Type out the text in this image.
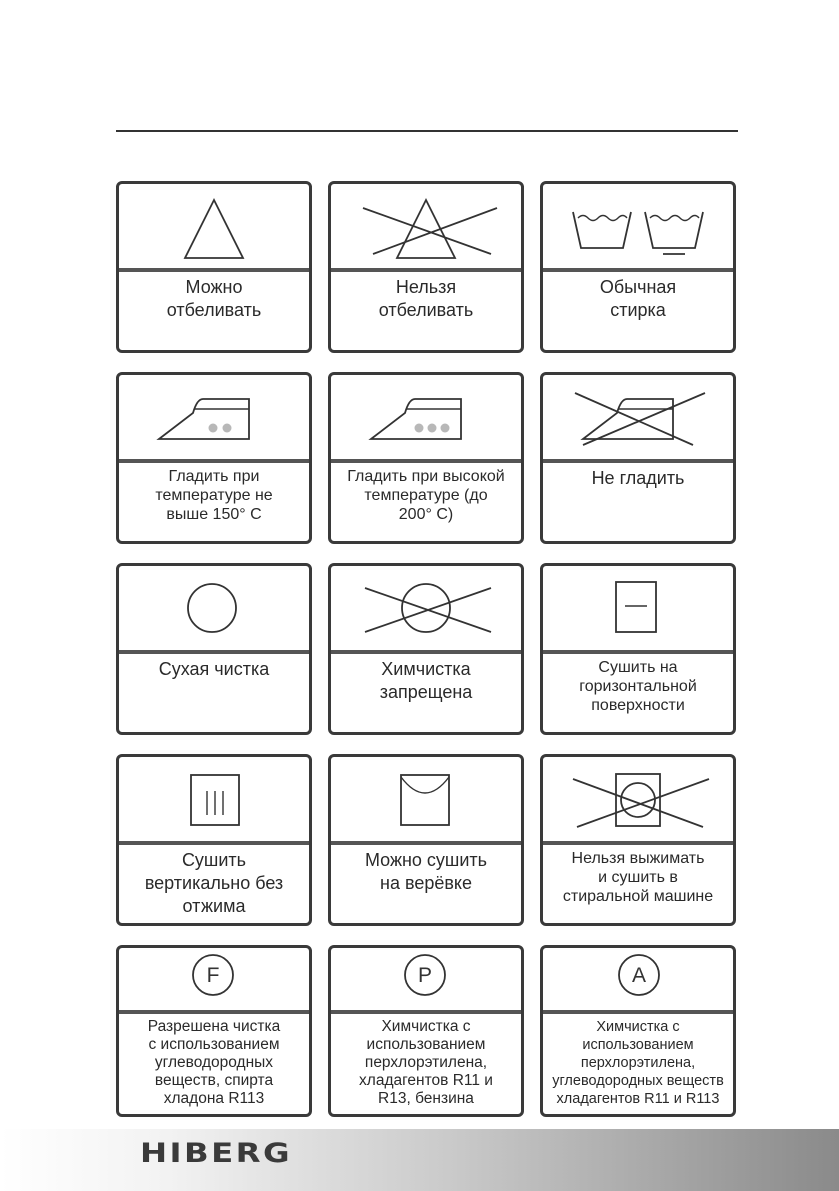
Можно
отбеливать
Нельзя
отбеливать
Обычная
стирка
Гладить при
температуре не
выше 150° С
Гладить при высокой
температуре (до
200° С)
Не гладить
Сухая чистка	Химчистка
запрещена
Сушить на
горизонтальной
поверхности
Сушить
вертикально без
отжима
Можно сушить
на верёвке
Нельзя выжимать
и сушить в
стиральной машине
F
Разрешена чистка
с использованием
углеводородных
веществ, спирта
хладона R113
P
Химчистка с
использованием
перхлорэтилена,
хладагентов R11 и
R13, бензина
A
Химчистка с
использованием
перхлорэтилена,
углеводородных веществ
хладагентов R11 и R113
HIBERG
